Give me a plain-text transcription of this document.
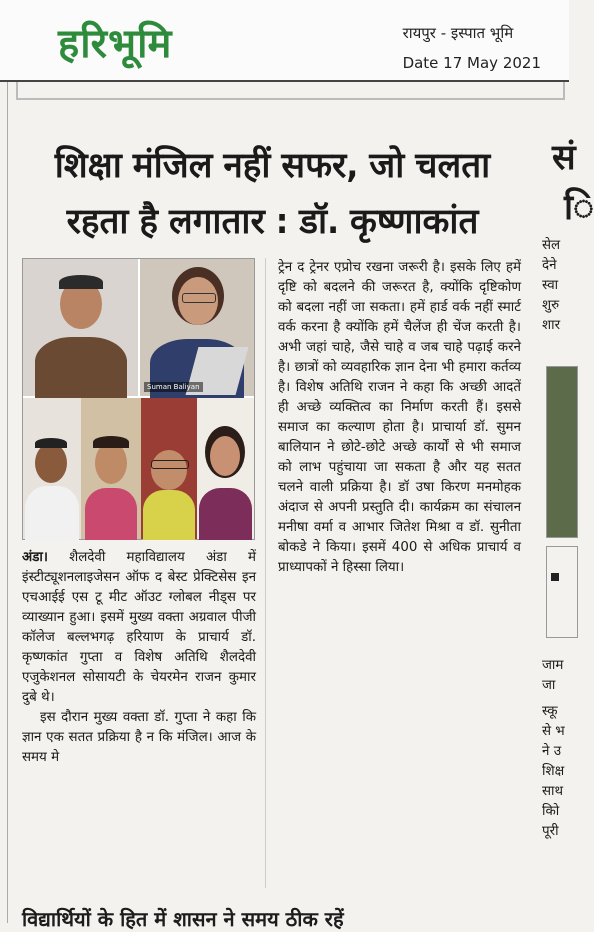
हरिभूमि	रायपुर - इस्पात भूमि
Date 17 May 2021
शिक्षा मंजिल नहीं सफर, जो चलता
रहता है लगातार : डॉ. कृष्णाकांत
Suman Baliyan

अंडा। शैलदेवी महाविद्यालय अंडा में इंस्टीट्यूशनलाइजेसन ऑफ द बेस्ट प्रेक्टिसेस इन एचआईई एस टू मीट ऑउट ग्लोबल नीड्स पर व्याख्यान हुआ। इसमें मुख्य वक्ता अग्रवाल पीजी कॉलेज बल्लभगढ़ हरियाण के प्राचार्य डॉ. कृष्णकांत गुप्ता व विशेष अतिथि शैलदेवी एजुकेशनल सोसायटी के चेयरमेन राजन कुमार दुबे थे।

इस दौरान मुख्य वक्ता डॉ. गुप्ता ने कहा कि ज्ञान एक सतत प्रक्रिया है न कि मंजिल। आज के समय मे

ट्रेन द ट्रेनर एप्रोच रखना जरूरी है। इसके लिए हमें दृष्टि को बदलने की जरूरत है, क्योंकि दृष्टिकोण को बदला नहीं जा सकता। हमें हार्ड वर्क नहीं स्मार्ट वर्क करना है क्योंकि हमें चैलेंज ही चेंज करती है। अभी जहां चाहे, जैसे चाहे व जब चाहे पढ़ाई करने है। छात्रों को व्यवहारिक ज्ञान देना भी हमारा कर्तव्य है। विशेष अतिथि राजन ने कहा कि अच्छी आदतें ही अच्छे व्यक्तित्व का निर्माण करती हैं। इससे समाज का कल्याण होता है। प्राचार्या डॉ. सुमन बालियान ने छोटे-छोटे अच्छे कार्यों से भी समाज को लाभ पहुंचाया जा सकता है और यह सतत चलने वाली प्रक्रिया है। डॉ उषा किरण मनमोहक अंदाज से अपनी प्रस्तुति दी। कार्यक्रम का संचालन मनीषा वर्मा व आभार जितेश मिश्रा व डॉ. सुनीता बोकडे ने किया। इसमें 400 से अधिक प्राचार्य व प्राध्यापकों ने हिस्सा लिया।

सं
ि
सेल
देने
स्वा
शुरु
शार
जाम
जा
स्कू
से भ
ने उ
शिक्ष
साथ
कोि
पूरी
विद्यार्थियों के हित में शासन ने समय ठीक रहें
